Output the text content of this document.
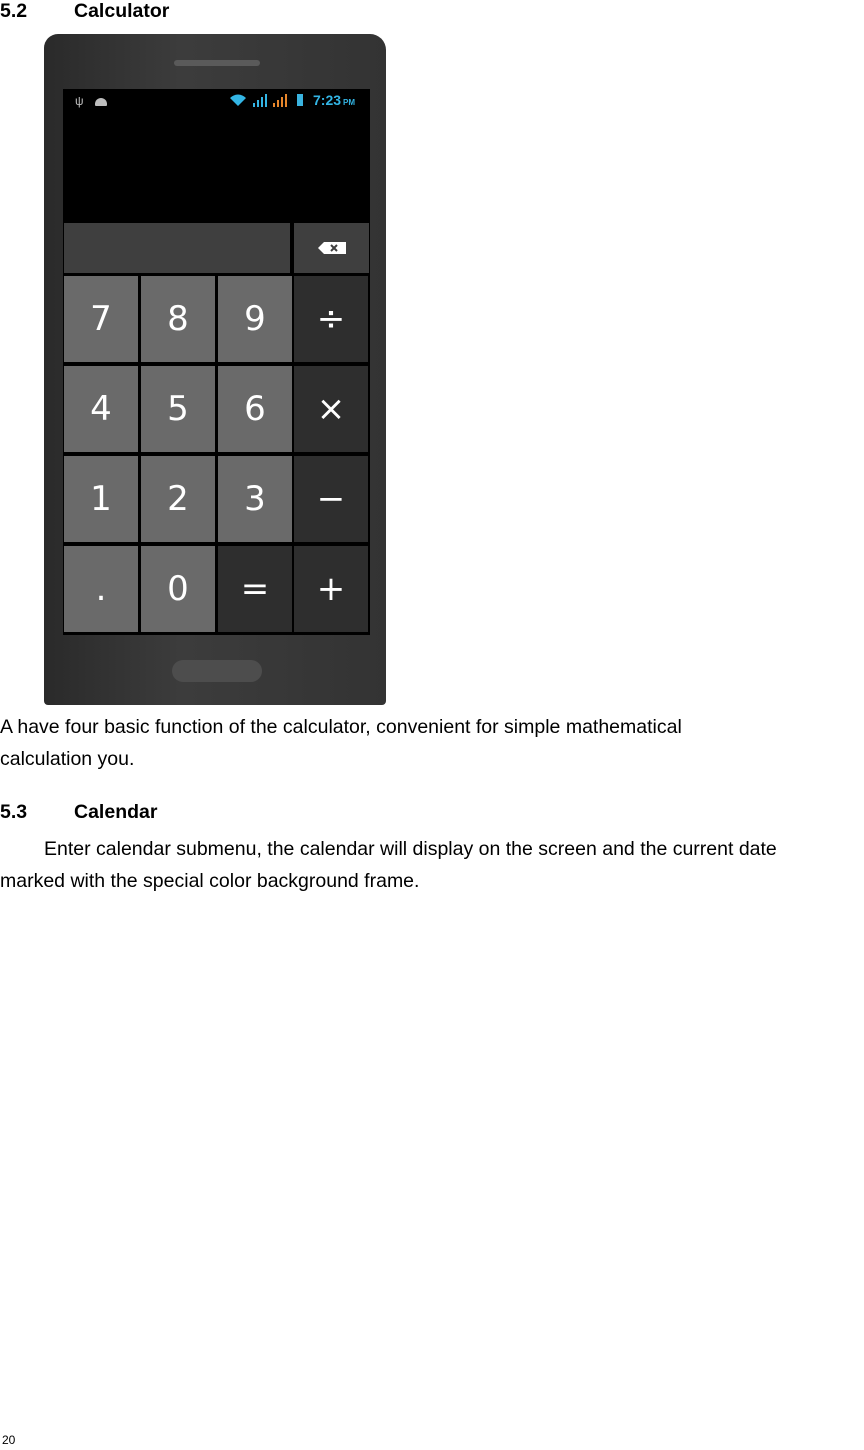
5.2 Calculator
ψ	7:23 PM
7	8	9	÷
4	5	6	×
1	2	3	−
.	0	=	+
A have four basic function of the calculator, convenient for simple mathematical
calculation you.
5.3 Calendar
Enter calendar submenu, the calendar will display on the screen and the current date
marked with the special color background frame.
20
